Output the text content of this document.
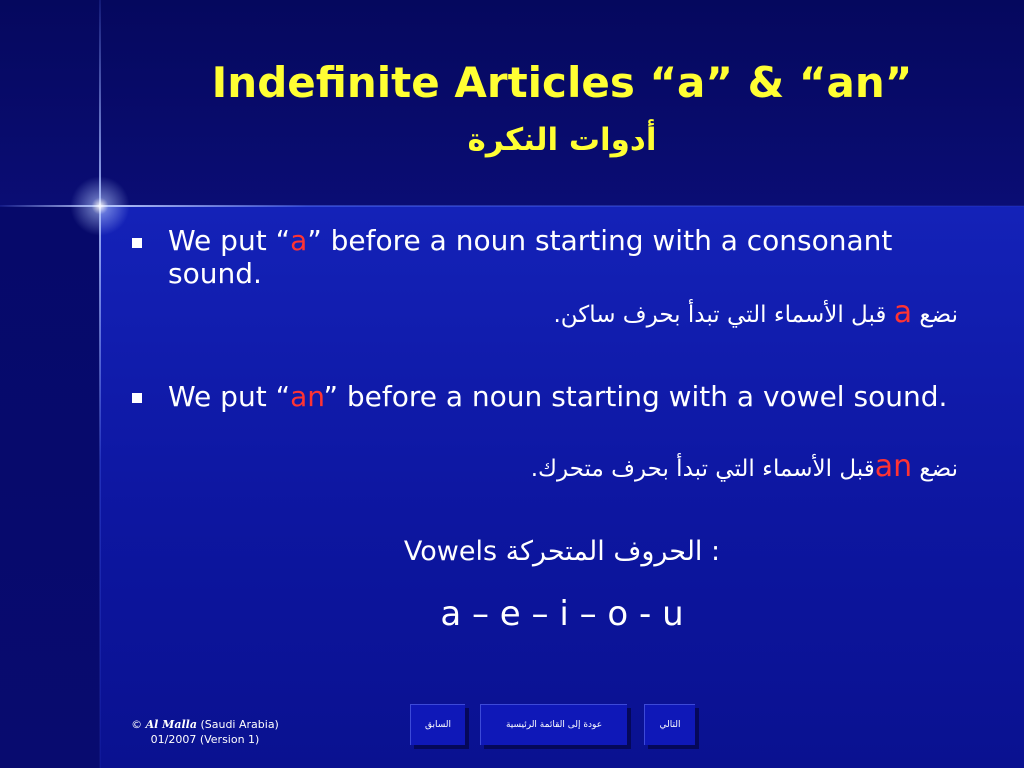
Indefinite Articles “a” & “an”
أدوات النكرة
We put “a” before a noun starting with a consonant sound.
نضع a قبل الأسماء التي تبدأ بحرف ساكن.
We put “an” before a noun starting with a vowel sound.
نضع anقبل الأسماء التي تبدأ بحرف متحرك.
Vowels الحروف المتحركة :
a – e – i – o - u
© Al Malla (Saudi Arabia)
01/2007 (Version 1)
السابق	عودة إلى القائمة الرئيسية	التالي
